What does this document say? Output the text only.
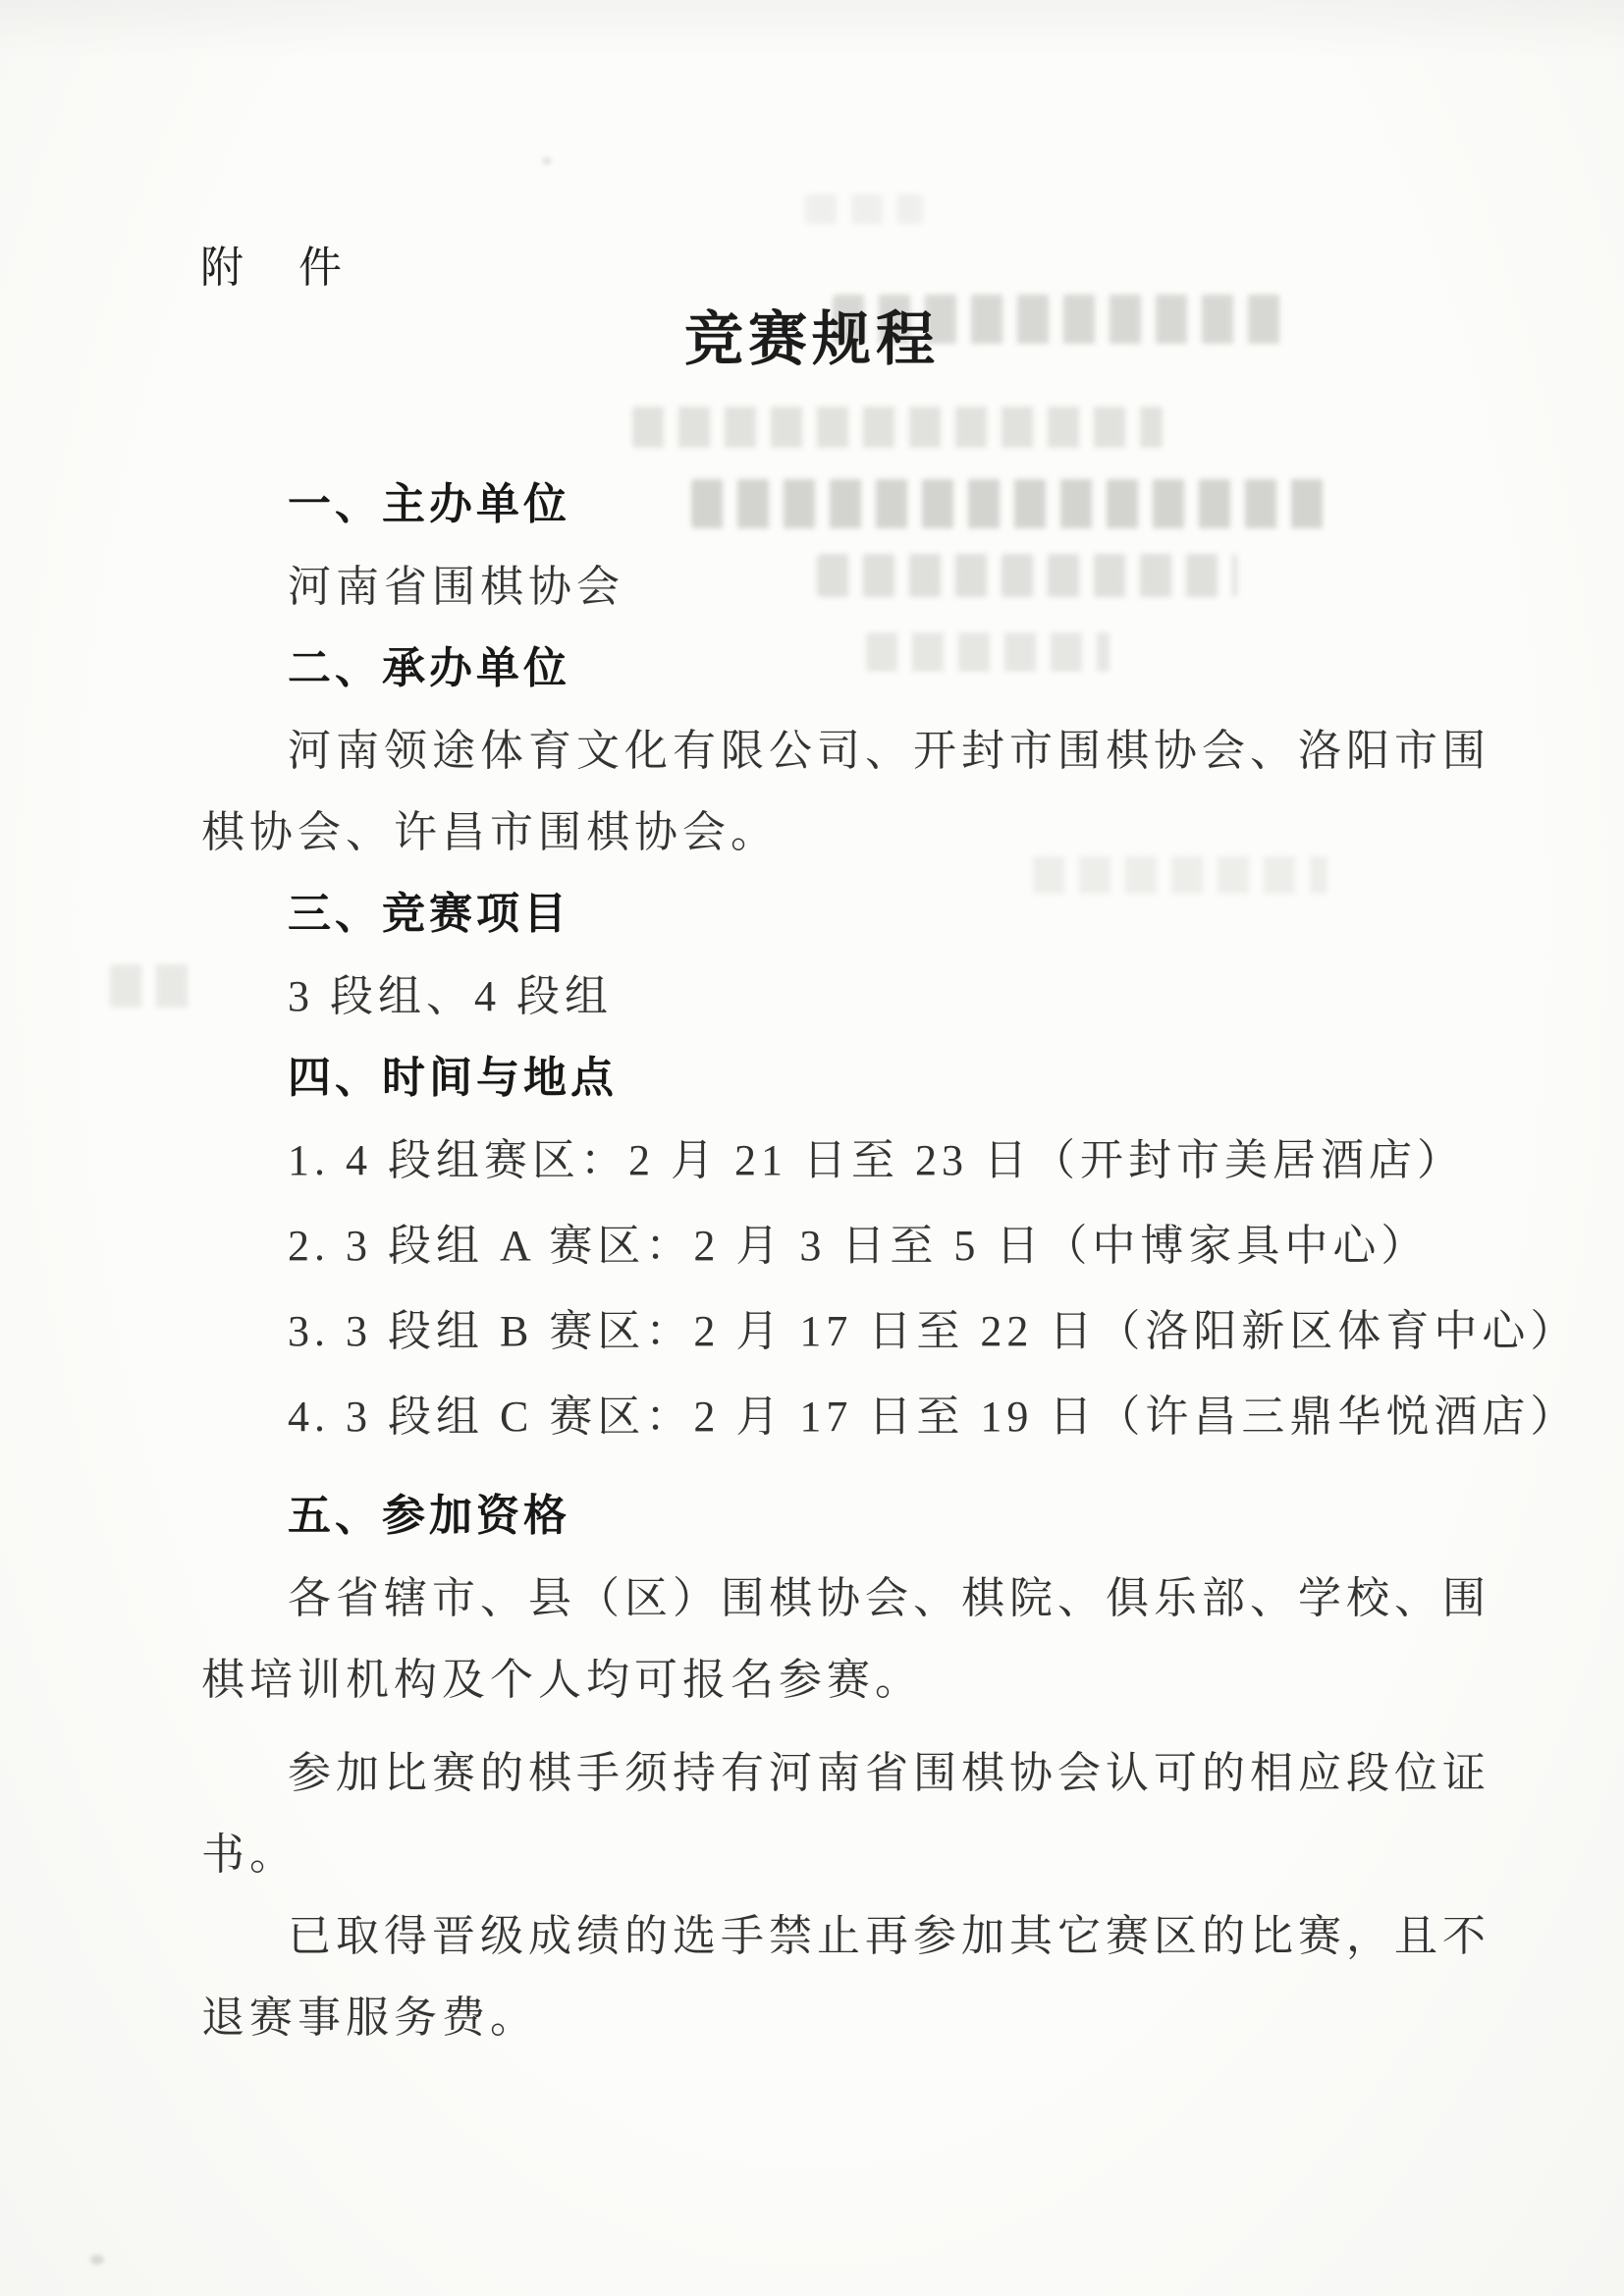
附　件
竞赛规程
一、主办单位
河南省围棋协会
二、承办单位
河南领途体育文化有限公司、开封市围棋协会、洛阳市围
棋协会、许昌市围棋协会。
三、竞赛项目
3 段组、4 段组
四、时间与地点
1. 4 段组赛区：2 月 21 日至 23 日（开封市美居酒店）
2. 3 段组 A 赛区：2 月 3 日至 5 日（中博家具中心）
3. 3 段组 B 赛区：2 月 17 日至 22 日（洛阳新区体育中心）
4. 3 段组 C 赛区：2 月 17 日至 19 日（许昌三鼎华悦酒店）
五、参加资格
各省辖市、县（区）围棋协会、棋院、俱乐部、学校、围
棋培训机构及个人均可报名参赛。
参加比赛的棋手须持有河南省围棋协会认可的相应段位证
书。
已取得晋级成绩的选手禁止再参加其它赛区的比赛，且不
退赛事服务费。
